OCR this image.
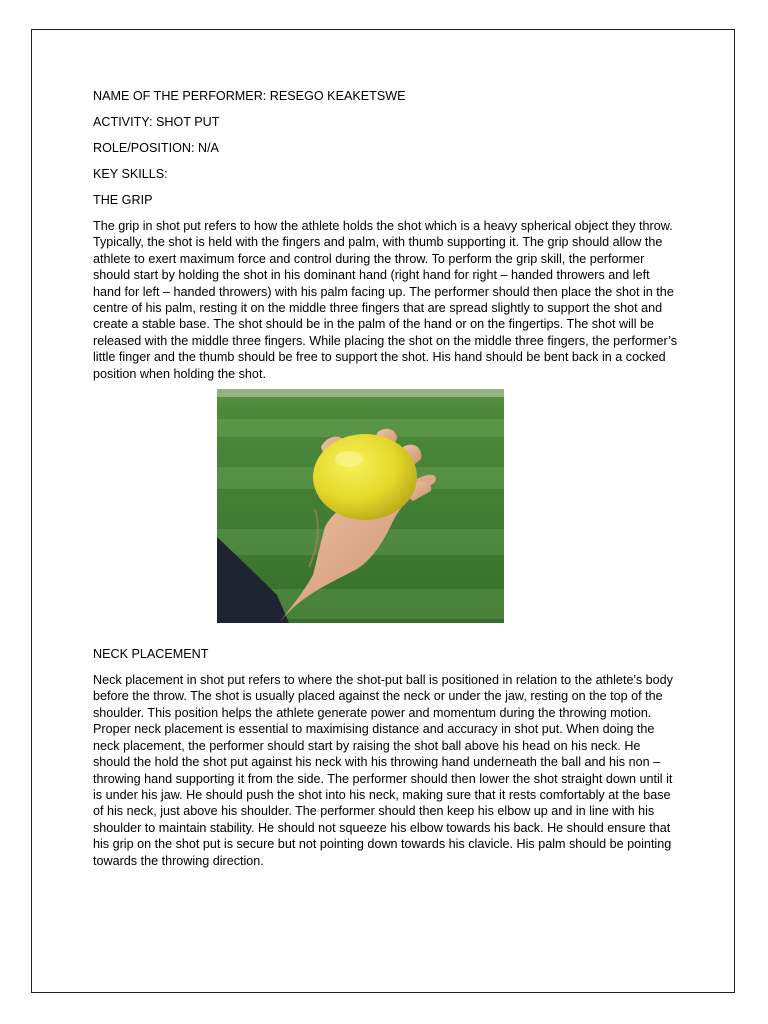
NAME OF THE PERFORMER: RESEGO KEAKETSWE

ACTIVITY: SHOT PUT

ROLE/POSITION: N/A

KEY SKILLS:

THE GRIP

The grip in shot put refers to how the athlete holds the shot which is a heavy spherical object they throw. Typically, the shot is held with the fingers and palm, with thumb supporting it. The grip should allow the athlete to exert maximum force and control during the throw. To perform the grip skill, the performer should start by holding the shot in his dominant hand (right hand for right – handed throwers and left hand for left – handed throwers) with his palm facing up. The performer should then place the shot in the centre of his palm, resting it on the middle three fingers that are spread slightly to support the shot and create a stable base. The shot should be in the palm of the hand or on the fingertips. The shot will be released with the middle three fingers. While placing the shot on the middle three fingers, the performer’s little finger and the thumb should be free to support the shot. His hand should be bent back in a cocked position when holding the shot.

NECK PLACEMENT

Neck placement in shot put refers to where the shot-put ball is positioned in relation to the athlete's body before the throw. The shot is usually placed against the neck or under the jaw, resting on the top of the shoulder. This position helps the athlete generate power and momentum during the throwing motion. Proper neck placement is essential to maximising distance and accuracy in shot put. When doing the neck placement, the performer should start by raising the shot ball above his head on his neck. He should the hold the shot put against his neck with his throwing hand underneath the ball and his non – throwing hand supporting it from the side. The performer should then lower the shot straight down until it is under his jaw. He should push the shot into his neck, making sure that it rests comfortably at the base of his neck, just above his shoulder. The performer should then keep his elbow up and in line with his shoulder to maintain stability. He should not squeeze his elbow towards his back. He should ensure that his grip on the shot put is secure but not pointing down towards his clavicle. His palm should be pointing towards the throwing direction.
